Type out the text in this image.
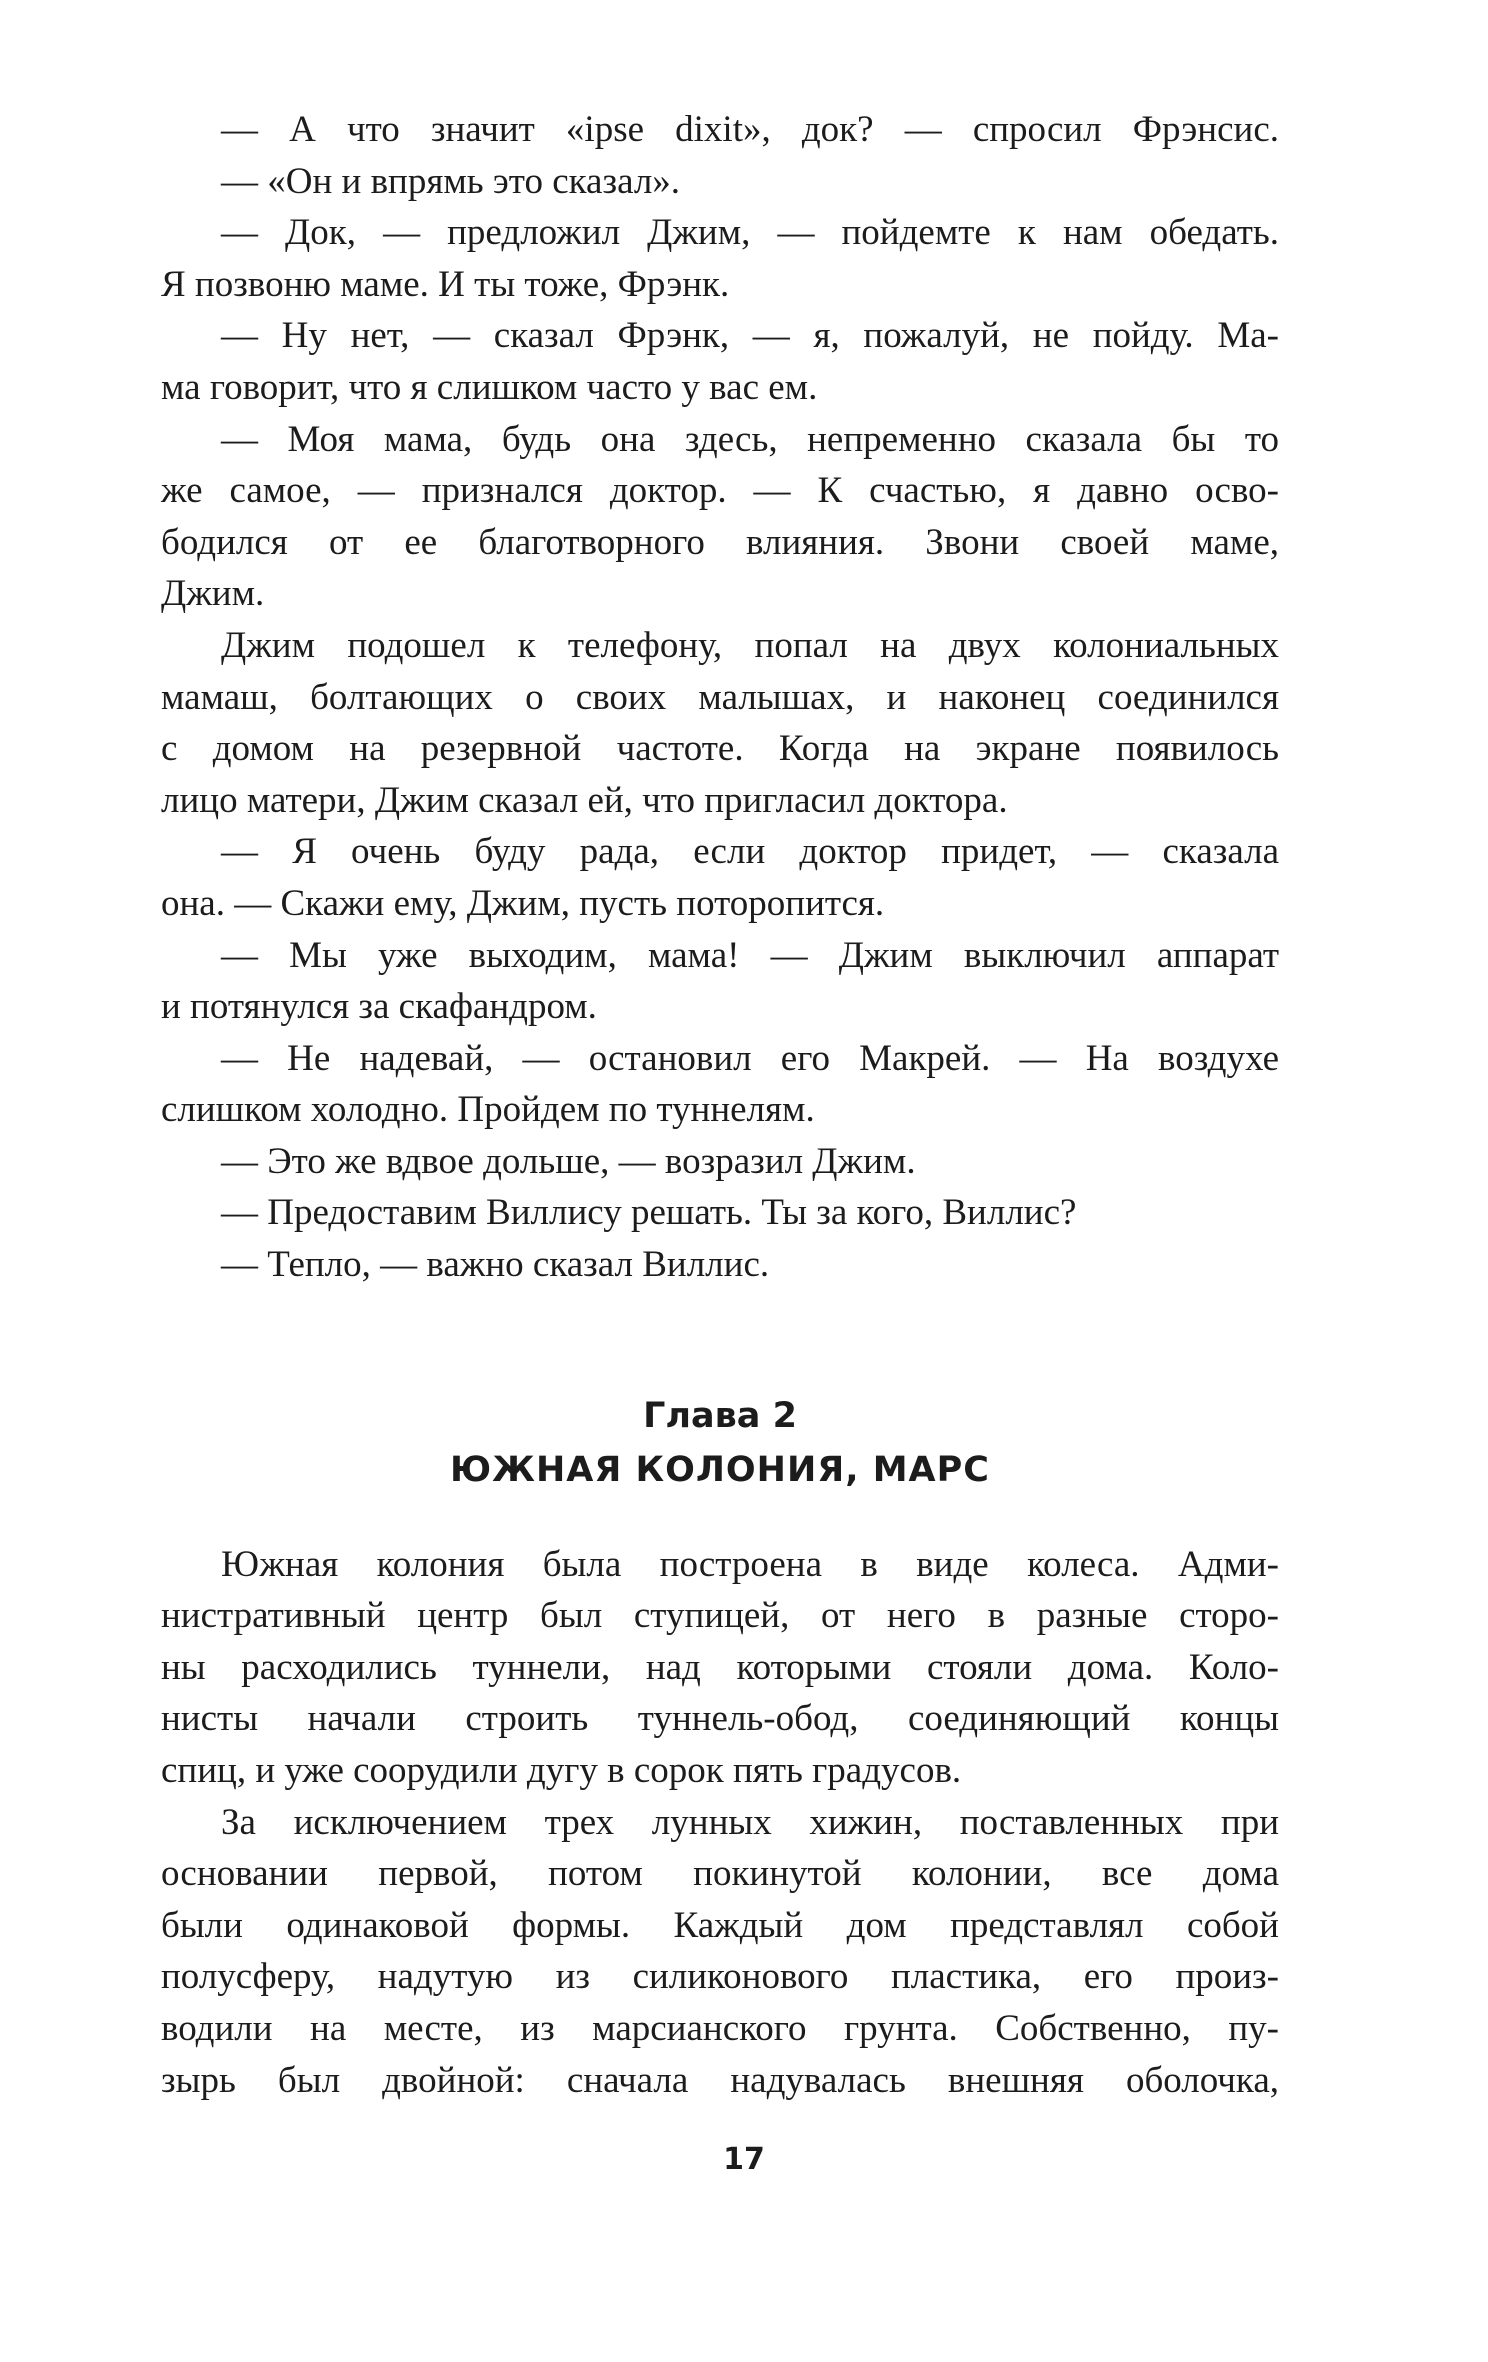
— А что значит «ipse dixit», док? — спросил Фрэнсис.
— «Он и впрямь это сказал».
— Док, — предложил Джим, — пойдемте к нам обедать.
Я позвоню маме. И ты тоже, Фрэнк.
— Ну нет, — сказал Фрэнк, — я, пожалуй, не пойду. Ма-
ма говорит, что я слишком часто у вас ем.
— Моя мама, будь она здесь, непременно сказала бы то
же самое, — признался доктор. — К счастью, я давно осво-
бодился от ее благотворного влияния. Звони своей маме,
Джим.
Джим подошел к телефону, попал на двух колониальных
мамаш, болтающих о своих малышах, и наконец соединился
с домом на резервной частоте. Когда на экране появилось
лицо матери, Джим сказал ей, что пригласил доктора.
— Я очень буду рада, если доктор придет, — сказала
она. — Скажи ему, Джим, пусть поторопится.
— Мы уже выходим, мама! — Джим выключил аппарат
и потянулся за скафандром.
— Не надевай, — остановил его Макрей. — На воздухе
слишком холодно. Пройдем по туннелям.
— Это же вдвое дольше, — возразил Джим.
— Предоставим Виллису решать. Ты за кого, Виллис?
— Тепло, — важно сказал Виллис.
Глава 2
ЮЖНАЯ КОЛОНИЯ, МАРС
Южная колония была построена в виде колеса. Адми-
нистративный центр был ступицей, от него в разные сторо-
ны расходились туннели, над которыми стояли дома. Коло-
нисты начали строить туннель-обод, соединяющий концы
спиц, и уже соорудили дугу в сорок пять градусов.
За исключением трех лунных хижин, поставленных при
основании первой, потом покинутой колонии, все дома
были одинаковой формы. Каждый дом представлял собой
полусферу, надутую из силиконового пластика, его произ-
водили на месте, из марсианского грунта. Собственно, пу-
зырь был двойной: сначала надувалась внешняя оболочка,
17
